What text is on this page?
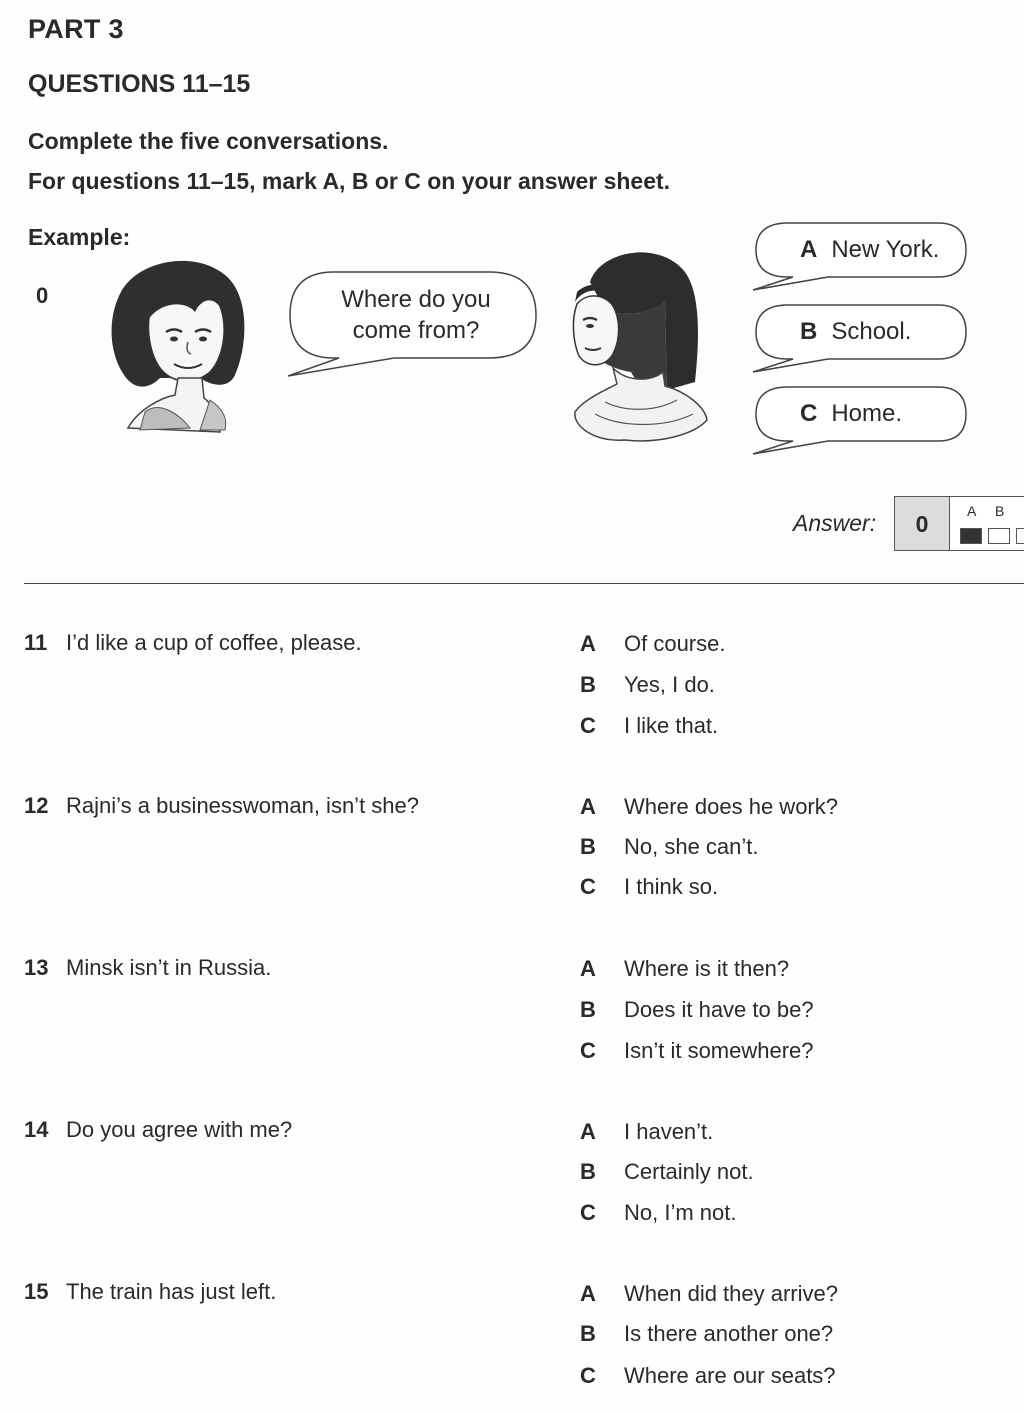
PART 3
QUESTIONS 11–15
Complete the five conversations.
For questions 11–15, mark A, B or C on your answer sheet.
Example:
0	Where do you
come from?
A New York.
B School.
C Home.
Answer:	0	A B
11 I’d like a cup of coffee, please.	A Of course.
B Yes, I do.
C I like that.
12 Rajni’s a businesswoman, isn’t she?	A Where does he work?
B No, she can’t.
C I think so.
13 Minsk isn’t in Russia.	A Where is it then?
B Does it have to be?
C Isn’t it somewhere?
14 Do you agree with me?	A I haven’t.
B Certainly not.
C No, I’m not.
15 The train has just left.	A When did they arrive?
B Is there another one?
C Where are our seats?
